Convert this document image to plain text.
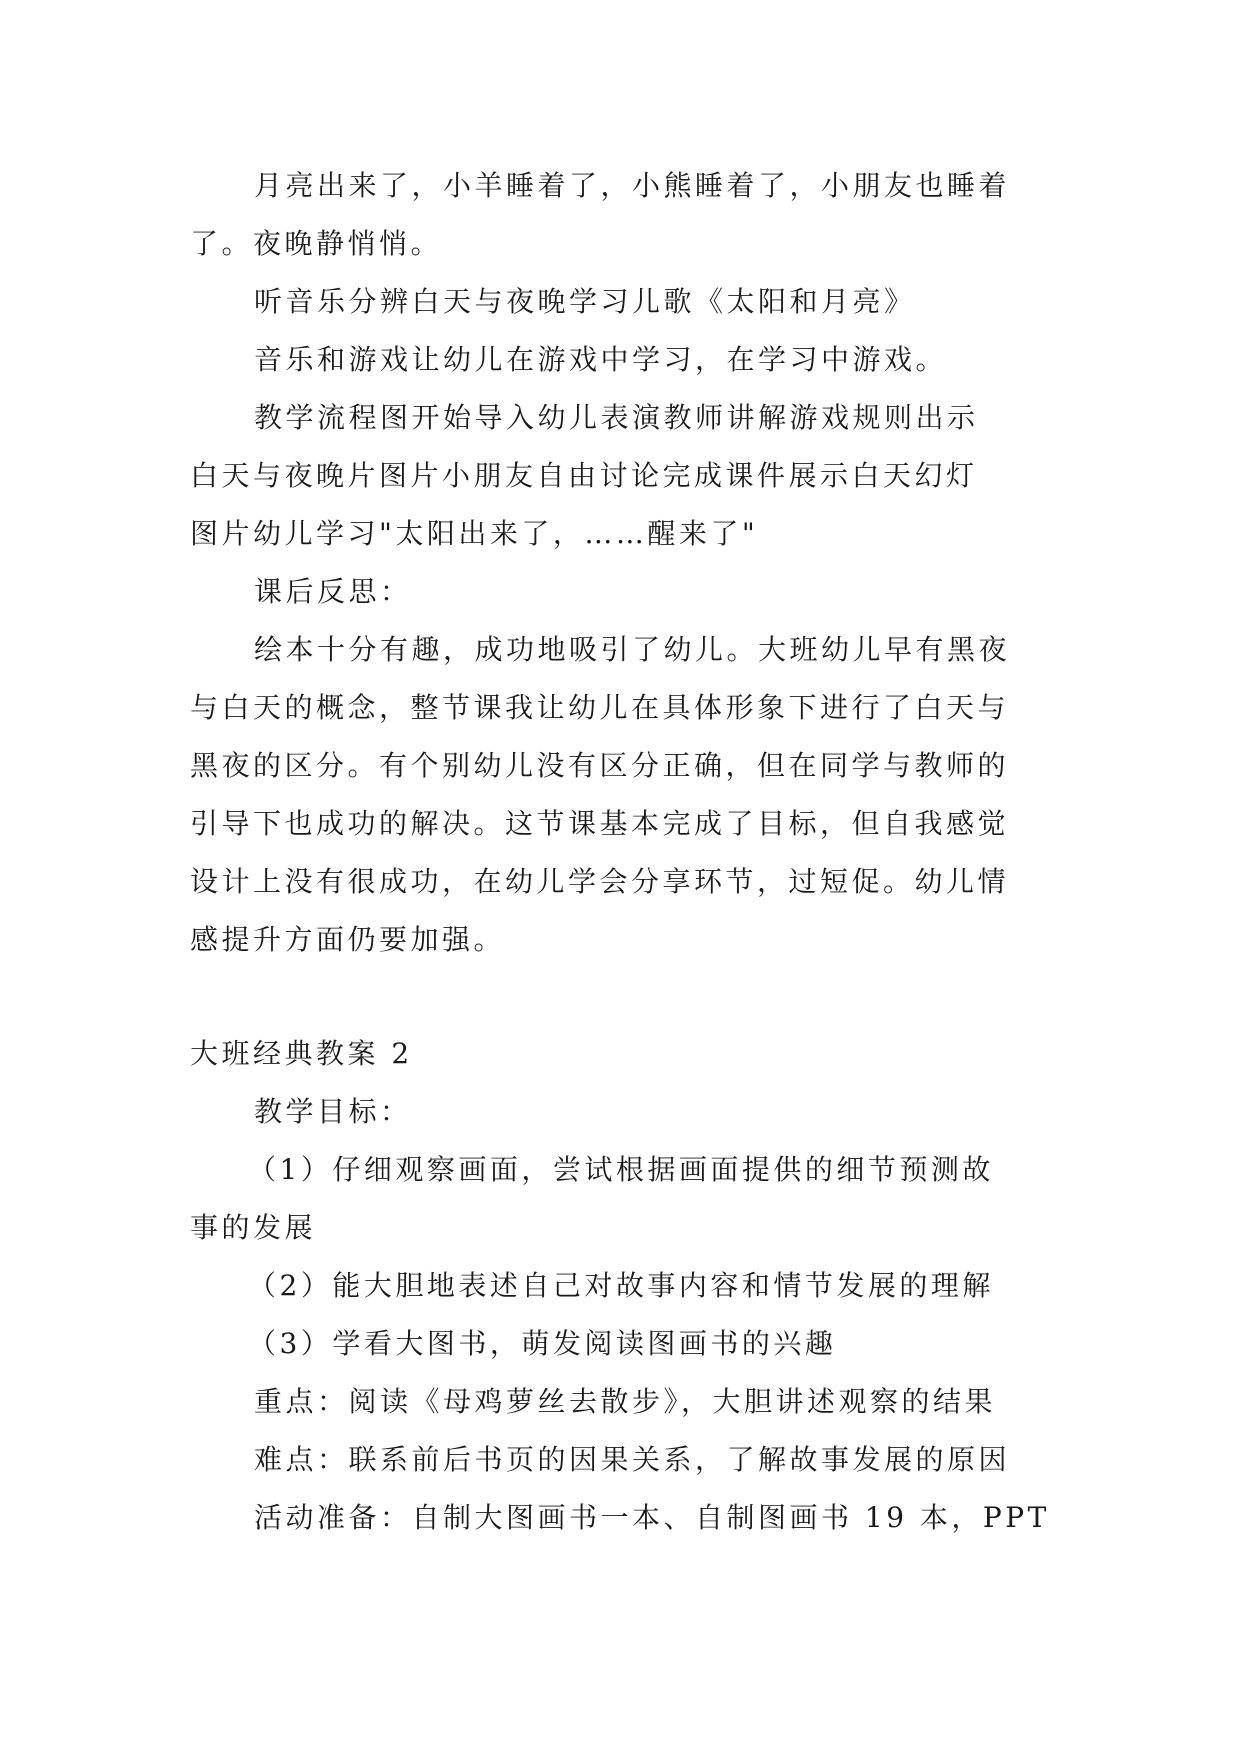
月亮出来了，小羊睡着了，小熊睡着了，小朋友也睡着
了。夜晚静悄悄。
听音乐分辨白天与夜晚学习儿歌《太阳和月亮》
音乐和游戏让幼儿在游戏中学习，在学习中游戏。
教学流程图开始导入幼儿表演教师讲解游戏规则出示
白天与夜晚片图片小朋友自由讨论完成课件展示白天幻灯
图片幼儿学习"太阳出来了，……醒来了"
课后反思：
绘本十分有趣，成功地吸引了幼儿。大班幼儿早有黑夜
与白天的概念，整节课我让幼儿在具体形象下进行了白天与
黑夜的区分。有个别幼儿没有区分正确，但在同学与教师的
引导下也成功的解决。这节课基本完成了目标，但自我感觉
设计上没有很成功，在幼儿学会分享环节，过短促。幼儿情
感提升方面仍要加强。
大班经典教案 2
教学目标：
（1）仔细观察画面，尝试根据画面提供的细节预测故
事的发展
（2）能大胆地表述自己对故事内容和情节发展的理解
（3）学看大图书，萌发阅读图画书的兴趣
重点：阅读《母鸡萝丝去散步》，大胆讲述观察的结果
难点：联系前后书页的因果关系，了解故事发展的原因
活动准备：自制大图画书一本、自制图画书 19 本，PPT
